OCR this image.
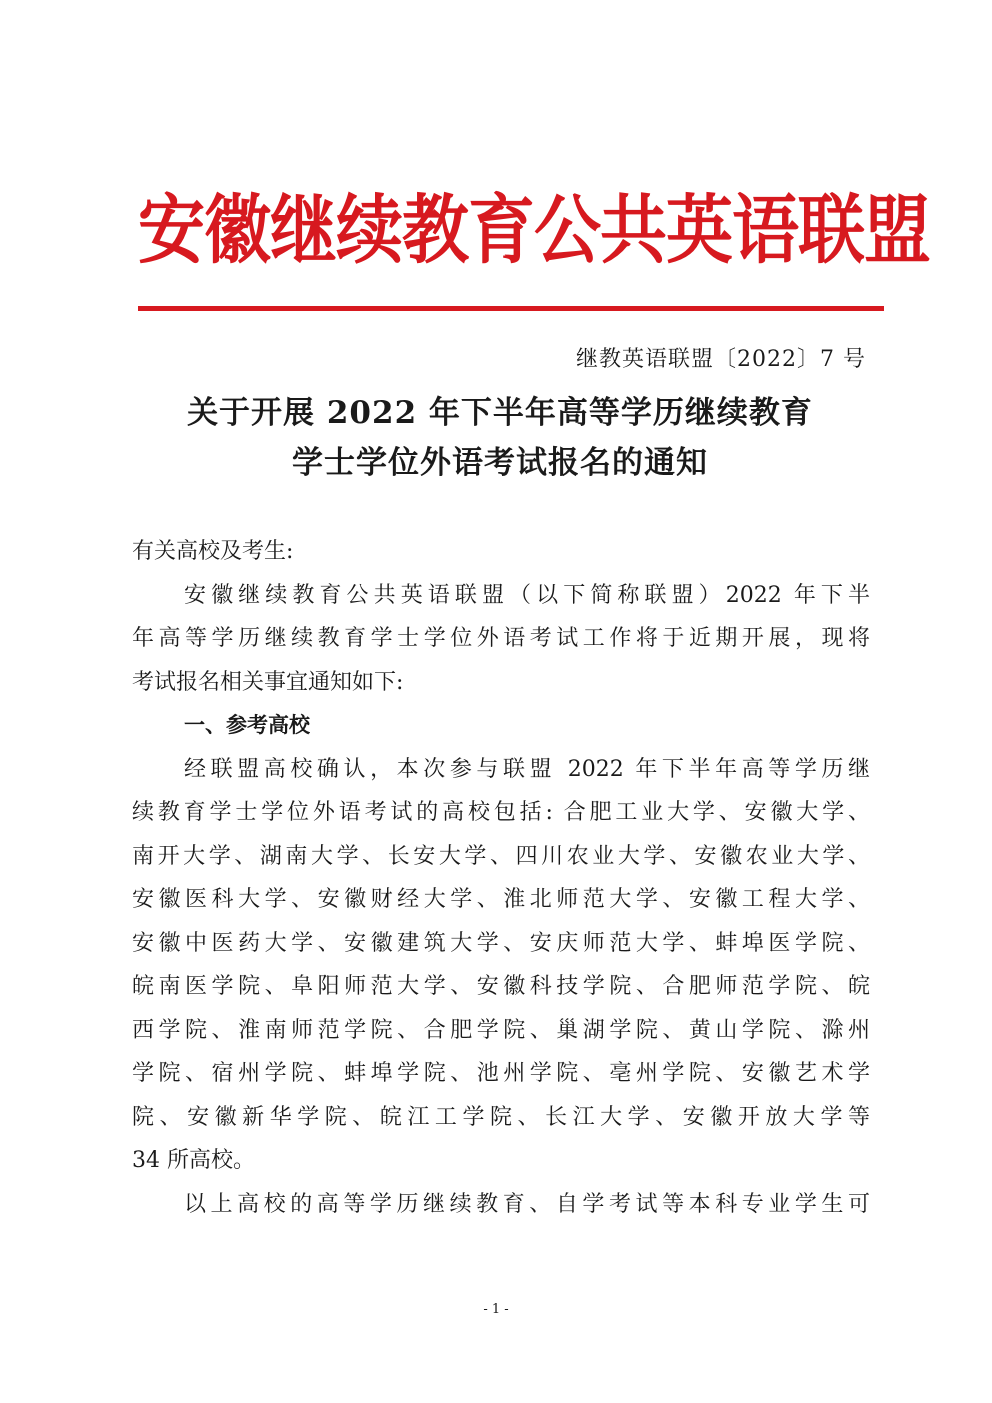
安徽继续教育公共英语联盟
继教英语联盟〔2022〕7 号
关于开展 2022 年下半年高等学历继续教育
学士学位外语考试报名的通知
有关高校及考生:
安徽继续教育公共英语联盟（以下简称联盟）2022 年下半
年高等学历继续教育学士学位外语考试工作将于近期开展，现将
考试报名相关事宜通知如下:
一、参考高校
经联盟高校确认，本次参与联盟 2022 年下半年高等学历继
续教育学士学位外语考试的高校包括: 合肥工业大学、安徽大学、
南开大学、湖南大学、长安大学、四川农业大学、安徽农业大学、
安徽医科大学、安徽财经大学、淮北师范大学、安徽工程大学、
安徽中医药大学、安徽建筑大学、安庆师范大学、蚌埠医学院、
皖南医学院、阜阳师范大学、安徽科技学院、合肥师范学院、皖
西学院、淮南师范学院、合肥学院、巢湖学院、黄山学院、滁州
学院、宿州学院、蚌埠学院、池州学院、亳州学院、安徽艺术学
院、安徽新华学院、皖江工学院、长江大学、安徽开放大学等
34 所高校。
以上高校的高等学历继续教育、自学考试等本科专业学生可
- 1 -
